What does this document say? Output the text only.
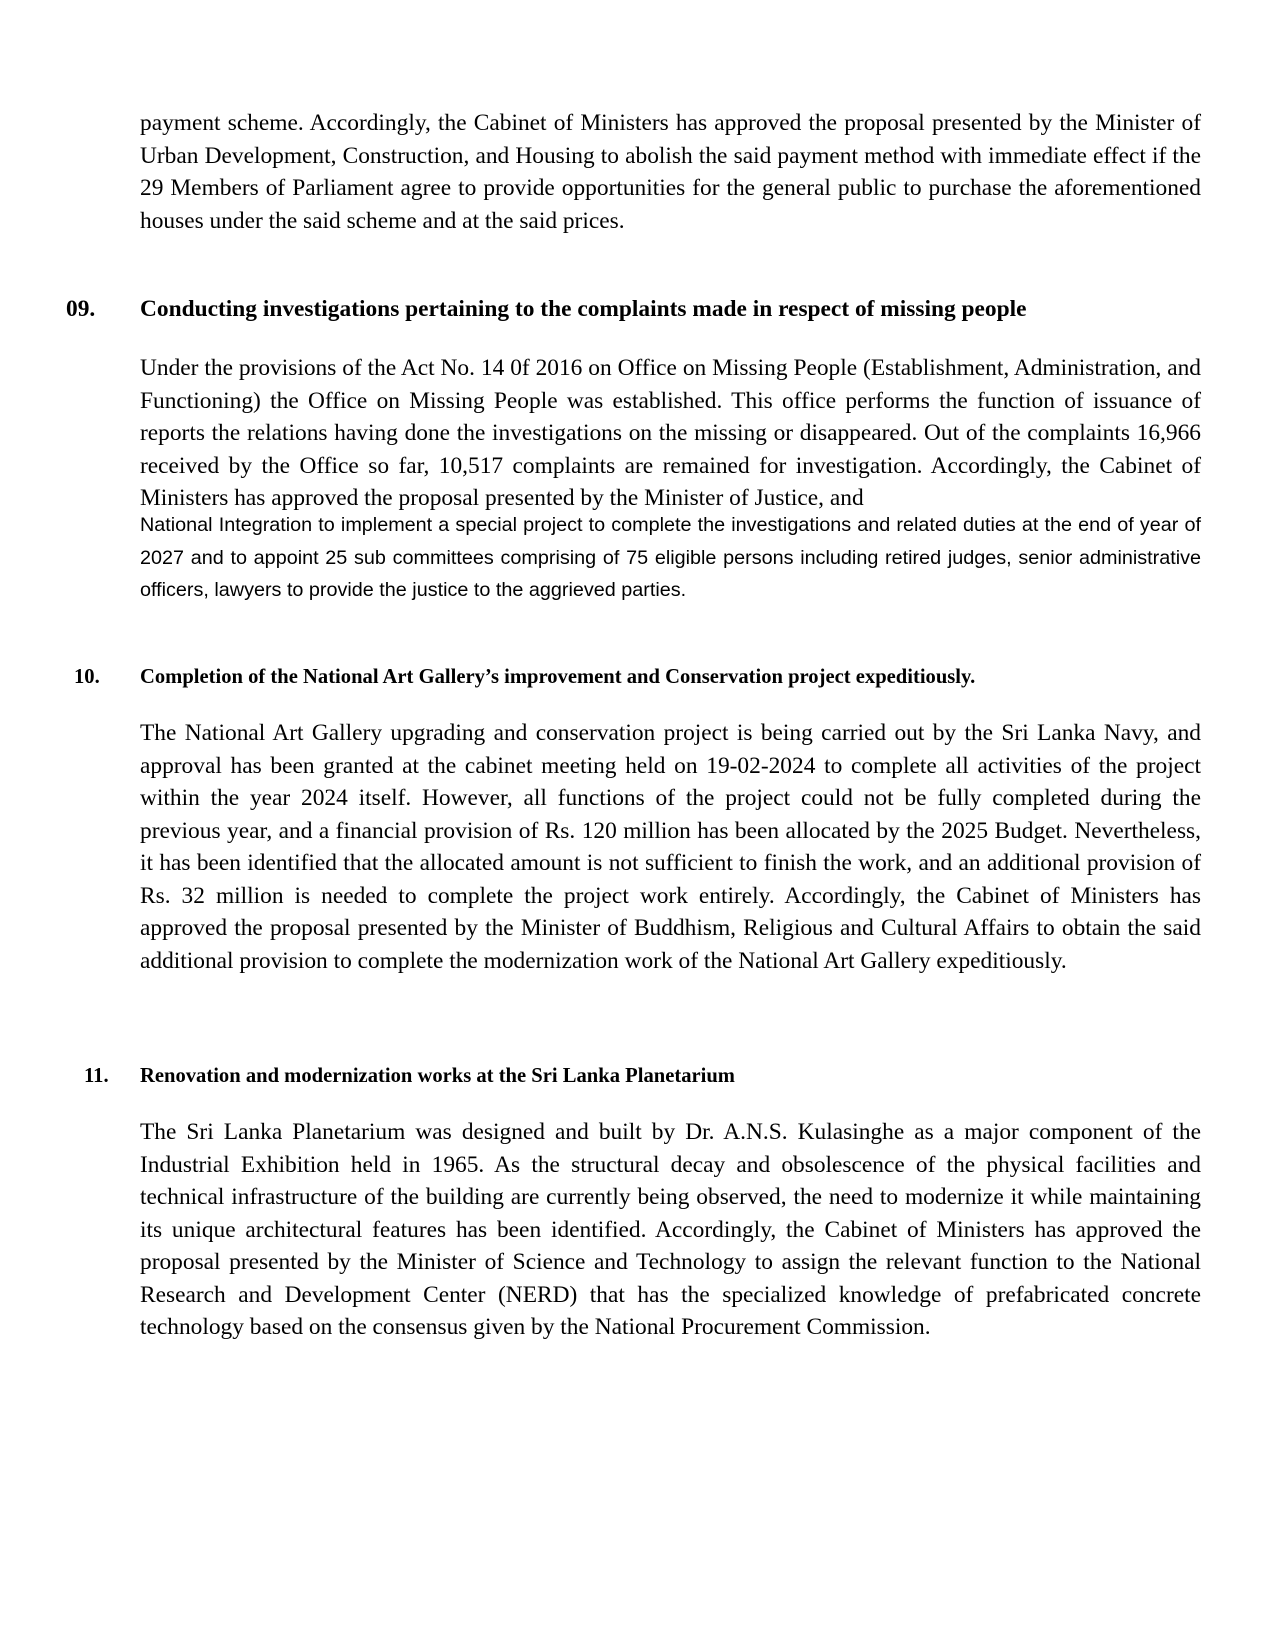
payment scheme. Accordingly, the Cabinet of Ministers has approved the proposal presented by the Minister of Urban Development, Construction, and Housing to abolish the said payment method with immediate effect if the 29 Members of Parliament agree to provide opportunities for the general public to purchase the aforementioned houses under the said scheme and at the said prices.

09. Conducting investigations pertaining to the complaints made in respect of missing people

Under the provisions of the Act No. 14 0f 2016 on Office on Missing People (Establishment, Administration, and Functioning) the Office on Missing People was established. This office performs the function of issuance of reports the relations having done the investigations on the missing or disappeared. Out of the complaints 16,966 received by the Office so far, 10,517 complaints are remained for investigation. Accordingly, the Cabinet of Ministers has approved the proposal presented by the Minister of Justice, and

National Integration to implement a special project to complete the investigations and related duties at the end of year of 2027 and to appoint 25 sub committees comprising of 75 eligible persons including retired judges, senior administrative officers, lawyers to provide the justice to the aggrieved parties.

10. Completion of the National Art Gallery’s improvement and Conservation project expeditiously.

The National Art Gallery upgrading and conservation project is being carried out by the Sri Lanka Navy, and approval has been granted at the cabinet meeting held on 19-02-2024 to complete all activities of the project within the year 2024 itself. However, all functions of the project could not be fully completed during the previous year, and a financial provision of Rs. 120 million has been allocated by the 2025 Budget. Nevertheless, it has been identified that the allocated amount is not sufficient to finish the work, and an additional provision of Rs. 32 million is needed to complete the project work entirely. Accordingly, the Cabinet of Ministers has approved the proposal presented by the Minister of Buddhism, Religious and Cultural Affairs to obtain the said additional provision to complete the modernization work of the National Art Gallery expeditiously.

11. Renovation and modernization works at the Sri Lanka Planetarium

The Sri Lanka Planetarium was designed and built by Dr. A.N.S. Kulasinghe as a major component of the Industrial Exhibition held in 1965. As the structural decay and obsolescence of the physical facilities and technical infrastructure of the building are currently being observed, the need to modernize it while maintaining its unique architectural features has been identified. Accordingly, the Cabinet of Ministers has approved the proposal presented by the Minister of Science and Technology to assign the relevant function to the National Research and Development Center (NERD) that has the specialized knowledge of prefabricated concrete technology based on the consensus given by the National Procurement Commission.
